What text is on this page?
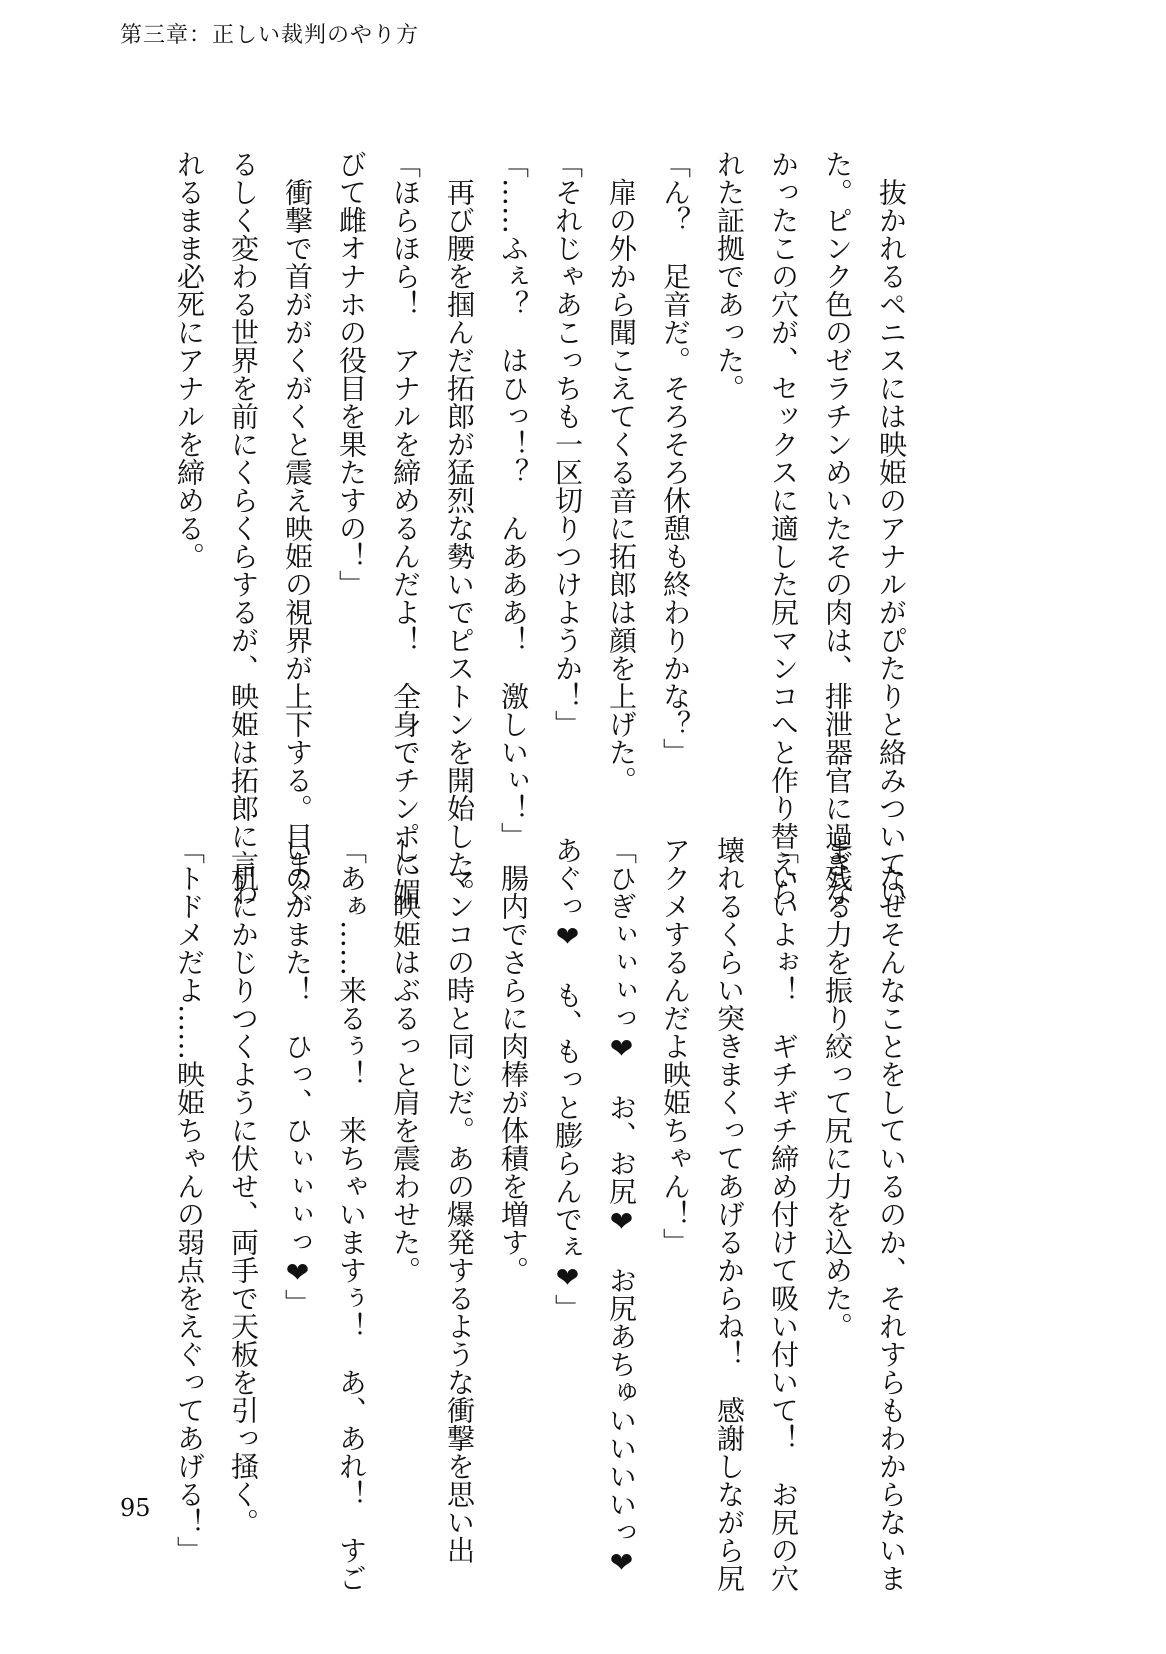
第三章：正しい裁判のやり方
　抜かれるペニスには映姫のアナルがぴたりと絡みついてい
た。ピンク色のゼラチンめいたその肉は、排泄器官に過ぎな
かったこの穴が、セックスに適した尻マンコへと作り替えら
れた証拠であった。
「ん？　足音だ。そろそろ休憩も終わりかな？」
　扉の外から聞こえてくる音に拓郎は顔を上げた。
「それじゃあこっちも一区切りつけようか！」
「……ふぇ？　はひっ！？　んあああ！　激しいぃ！」
　再び腰を掴んだ拓郎が猛烈な勢いでピストンを開始した。
「ほらほら！　アナルを締めるんだよ！　全身でチンポに媚
びて雌オナホの役目を果たすの！」
　衝撃で首ががくがくと震え映姫の視界が上下する。目まぐ
るしく変わる世界を前にくらくらするが、映姫は拓郎に言わ
れるまま必死にアナルを締める。
　なぜそんなことをしているのか、それすらもわからないま
ま残る力を振り絞って尻に力を込めた。
「いいよぉ！　ギチギチ締め付けて吸い付いて！　お尻の穴
壊れるくらい突きまくってあげるからね！　感謝しながら尻
アクメするんだよ映姫ちゃん！」
「ひぎぃぃぃっ❤　お、お尻❤　お尻あちゅいいいいっ❤
あぐっ❤　も、もっと膨らんでぇ❤」
　腸内でさらに肉棒が体積を増す。
　マンコの時と同じだ。あの爆発するような衝撃を思い出
し、映姫はぶるっと肩を震わせた。
「あぁ……来るぅ！　来ちゃいますぅ！　あ、あれ！　すご
いのがまた！　ひっ、ひぃぃぃっ❤」
　机にかじりつくように伏せ、両手で天板を引っ掻く。
「トドメだよ……映姫ちゃんの弱点をえぐってあげる！」
95
